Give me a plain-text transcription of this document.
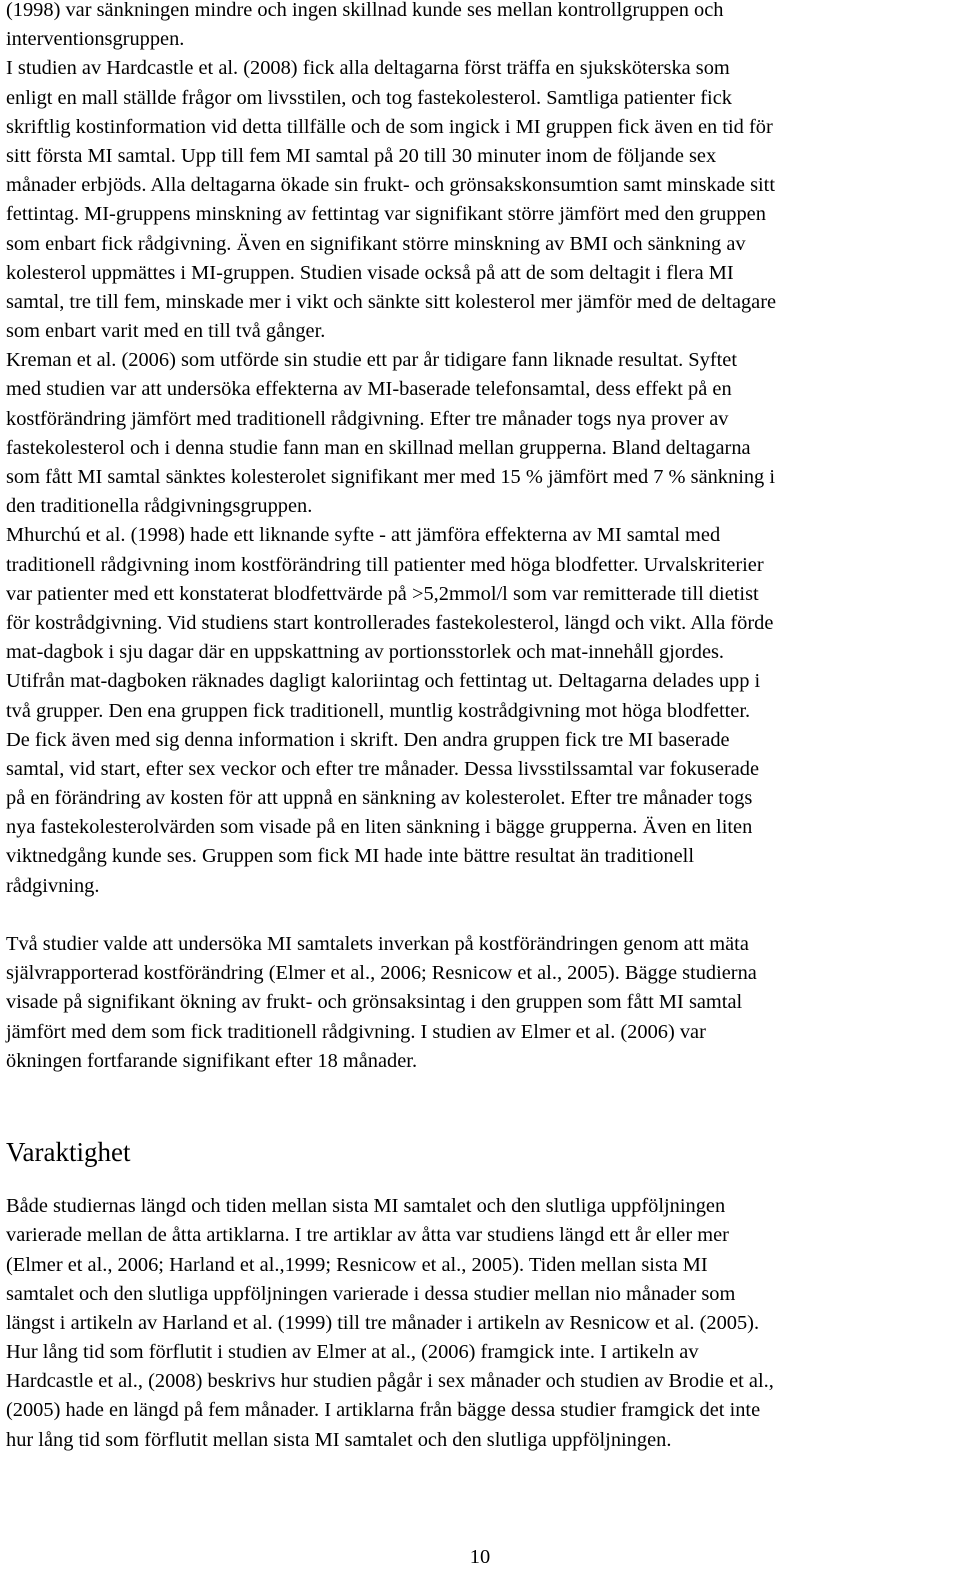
(1998) var sänkningen mindre och ingen skillnad kunde ses mellan kontrollgruppen och
interventionsgruppen.
I studien av Hardcastle et al. (2008) fick alla deltagarna först träffa en sjuksköterska som
enligt en mall ställde frågor om livsstilen, och tog fastekolesterol. Samtliga patienter fick
skriftlig kostinformation vid detta tillfälle och de som ingick i MI gruppen fick även en tid för
sitt första MI samtal. Upp till fem MI samtal på 20 till 30 minuter inom de följande sex
månader erbjöds. Alla deltagarna ökade sin frukt- och grönsakskonsumtion samt minskade sitt
fettintag. MI-gruppens minskning av fettintag var signifikant större jämfört med den gruppen
som enbart fick rådgivning. Även en signifikant större minskning av BMI och sänkning av
kolesterol uppmättes i MI-gruppen. Studien visade också på att de som deltagit i flera MI
samtal, tre till fem, minskade mer i vikt och sänkte sitt kolesterol mer jämför med de deltagare
som enbart varit med en till två gånger.
Kreman et al. (2006) som utförde sin studie ett par år tidigare fann liknade resultat. Syftet
med studien var att undersöka effekterna av MI-baserade telefonsamtal, dess effekt på en
kostförändring jämfört med traditionell rådgivning. Efter tre månader togs nya prover av
fastekolesterol och i denna studie fann man en skillnad mellan grupperna. Bland deltagarna
som fått MI samtal sänktes kolesterolet signifikant mer med 15 % jämfört med 7 % sänkning i
den traditionella rådgivningsgruppen.
Mhurchú et al. (1998) hade ett liknande syfte - att jämföra effekterna av MI samtal med
traditionell rådgivning inom kostförändring till patienter med höga blodfetter. Urvalskriterier
var patienter med ett konstaterat blodfettvärde på >5,2mmol/l som var remitterade till dietist
för kostrådgivning. Vid studiens start kontrollerades fastekolesterol, längd och vikt. Alla förde
mat-dagbok i sju dagar där en uppskattning av portionsstorlek och mat-innehåll gjordes.
Utifrån mat-dagboken räknades dagligt kaloriintag och fettintag ut. Deltagarna delades upp i
två grupper. Den ena gruppen fick traditionell, muntlig kostrådgivning mot höga blodfetter.
De fick även med sig denna information i skrift. Den andra gruppen fick tre MI baserade
samtal, vid start, efter sex veckor och efter tre månader. Dessa livsstilssamtal var fokuserade
på en förändring av kosten för att uppnå en sänkning av kolesterolet. Efter tre månader togs
nya fastekolesterolvärden som visade på en liten sänkning i bägge grupperna. Även en liten
viktnedgång kunde ses. Gruppen som fick MI hade inte bättre resultat än traditionell
rådgivning.
Två studier valde att undersöka MI samtalets inverkan på kostförändringen genom att mäta
självrapporterad kostförändring (Elmer et al., 2006; Resnicow et al., 2005). Bägge studierna
visade på signifikant ökning av frukt- och grönsaksintag i den gruppen som fått MI samtal
jämfört med dem som fick traditionell rådgivning. I studien av Elmer et al. (2006) var
ökningen fortfarande signifikant efter 18 månader.
Varaktighet
Både studiernas längd och tiden mellan sista MI samtalet och den slutliga uppföljningen
varierade mellan de åtta artiklarna. I tre artiklar av åtta var studiens längd ett år eller mer
(Elmer et al., 2006; Harland et al.,1999; Resnicow et al., 2005). Tiden mellan sista MI
samtalet och den slutliga uppföljningen varierade i dessa studier mellan nio månader som
längst i artikeln av Harland et al. (1999) till tre månader i artikeln av Resnicow et al. (2005).
Hur lång tid som förflutit i studien av Elmer at al., (2006) framgick inte. I artikeln av
Hardcastle et al., (2008) beskrivs hur studien pågår i sex månader och studien av Brodie et al.,
(2005) hade en längd på fem månader. I artiklarna från bägge dessa studier framgick det inte
hur lång tid som förflutit mellan sista MI samtalet och den slutliga uppföljningen.
10
